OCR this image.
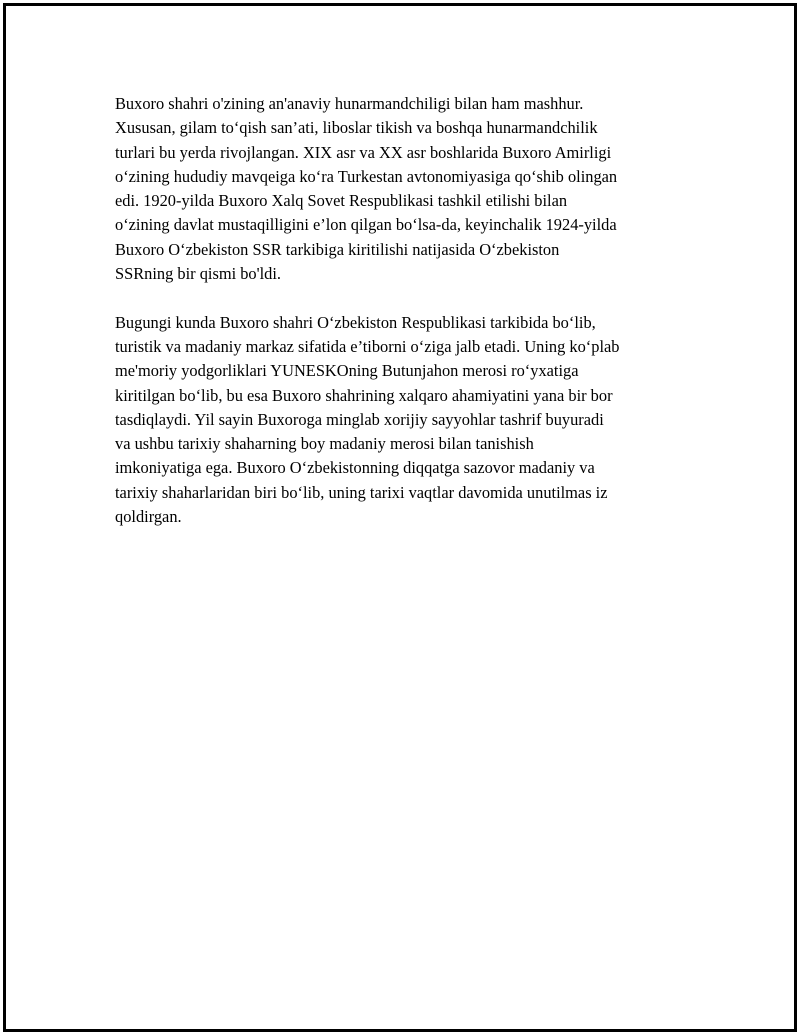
Buxoro shahri o'zining an'anaviy hunarmandchiligi bilan ham mashhur.
Xususan, gilam to‘qish san’ati, liboslar tikish va boshqa hunarmandchilik
turlari bu yerda rivojlangan. XIX asr va XX asr boshlarida Buxoro Amirligi
o‘zining hududiy mavqeiga ko‘ra Turkestan avtonomiyasiga qo‘shib olingan
edi. 1920-yilda Buxoro Xalq Sovet Respublikasi tashkil etilishi bilan
o‘zining davlat mustaqilligini e’lon qilgan bo‘lsa-da, keyinchalik 1924-yilda
Buxoro O‘zbekiston SSR tarkibiga kiritilishi natijasida O‘zbekiston
SSRning bir qismi bo'ldi.

Bugungi kunda Buxoro shahri O‘zbekiston Respublikasi tarkibida bo‘lib,
turistik va madaniy markaz sifatida e’tiborni o‘ziga jalb etadi. Uning ko‘plab
me'moriy yodgorliklari YUNESKOning Butunjahon merosi ro‘yxatiga
kiritilgan bo‘lib, bu esa Buxoro shahrining xalqaro ahamiyatini yana bir bor
tasdiqlaydi. Yil sayin Buxoroga minglab xorijiy sayyohlar tashrif buyuradi
va ushbu tarixiy shaharning boy madaniy merosi bilan tanishish
imkoniyatiga ega. Buxoro O‘zbekistonning diqqatga sazovor madaniy va
tarixiy shaharlaridan biri bo‘lib, uning tarixi vaqtlar davomida unutilmas iz
qoldirgan.
